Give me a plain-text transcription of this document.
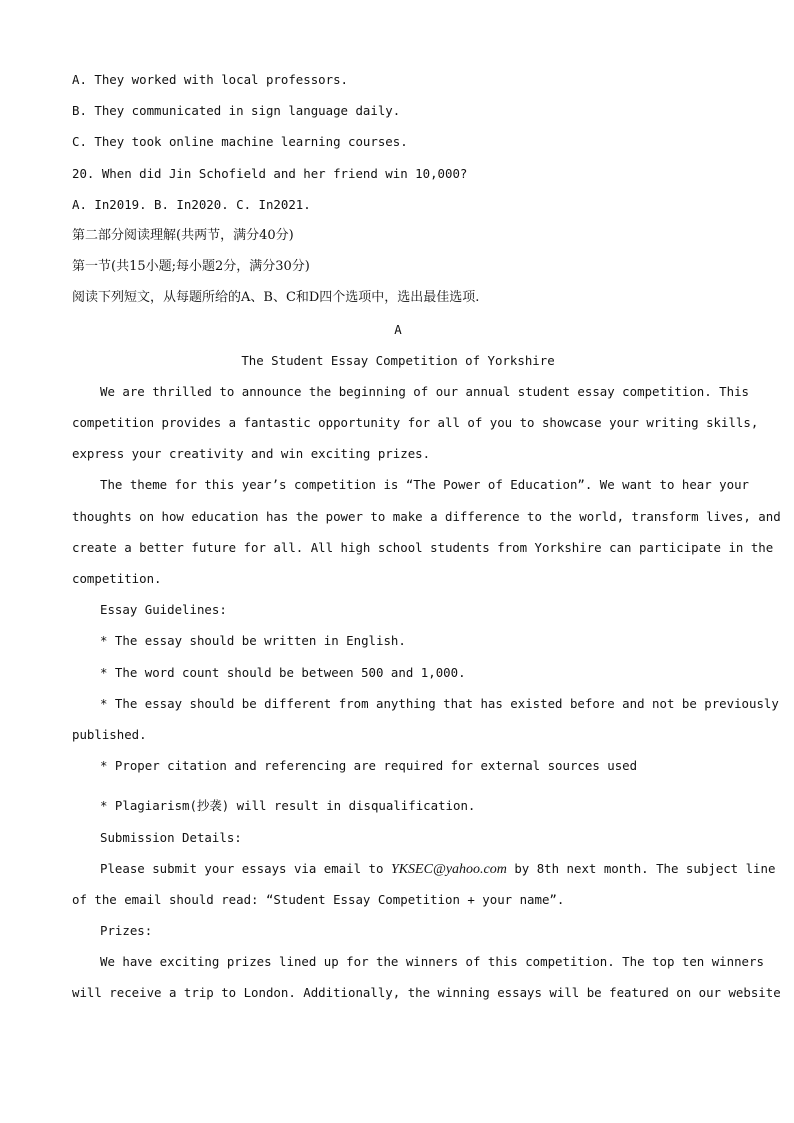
A. They worked with local professors.
B. They communicated in sign language daily.
C. They took online machine learning courses.
20. When did Jin Schofield and her friend win 10,000?
A. In2019. B. In2020. C. In2021.
第二部分阅读理解(共两节，满分40分)
第一节(共15小题;每小题2分，满分30分)
阅读下列短文，从每题所给的A、B、C和D四个选项中，选出最佳选项.
A
The Student Essay Competition of Yorkshire
We are thrilled to announce the beginning of our annual student essay competition. This
competition provides a fantastic opportunity for all of you to showcase your writing skills,
express your creativity and win exciting prizes.
The theme for this year’s competition is “The Power of Education”. We want to hear your
thoughts on how education has the power to make a difference to the world, transform lives, and
create a better future for all. All high school students from Yorkshire can participate in the
competition.
Essay Guidelines:
* The essay should be written in English.
* The word count should be between 500 and 1,000.
* The essay should be different from anything that has existed before and not be previously
published.
* Proper citation and referencing are required for external sources used
* Plagiarism(抄袭) will result in disqualification.
Submission Details:
Please submit your essays via email to YKSEC@yahoo.com by 8th next month. The subject line
of the email should read: “Student Essay Competition + your name”.
Prizes:
We have exciting prizes lined up for the winners of this competition. The top ten winners
will receive a trip to London. Additionally, the winning essays will be featured on our website
